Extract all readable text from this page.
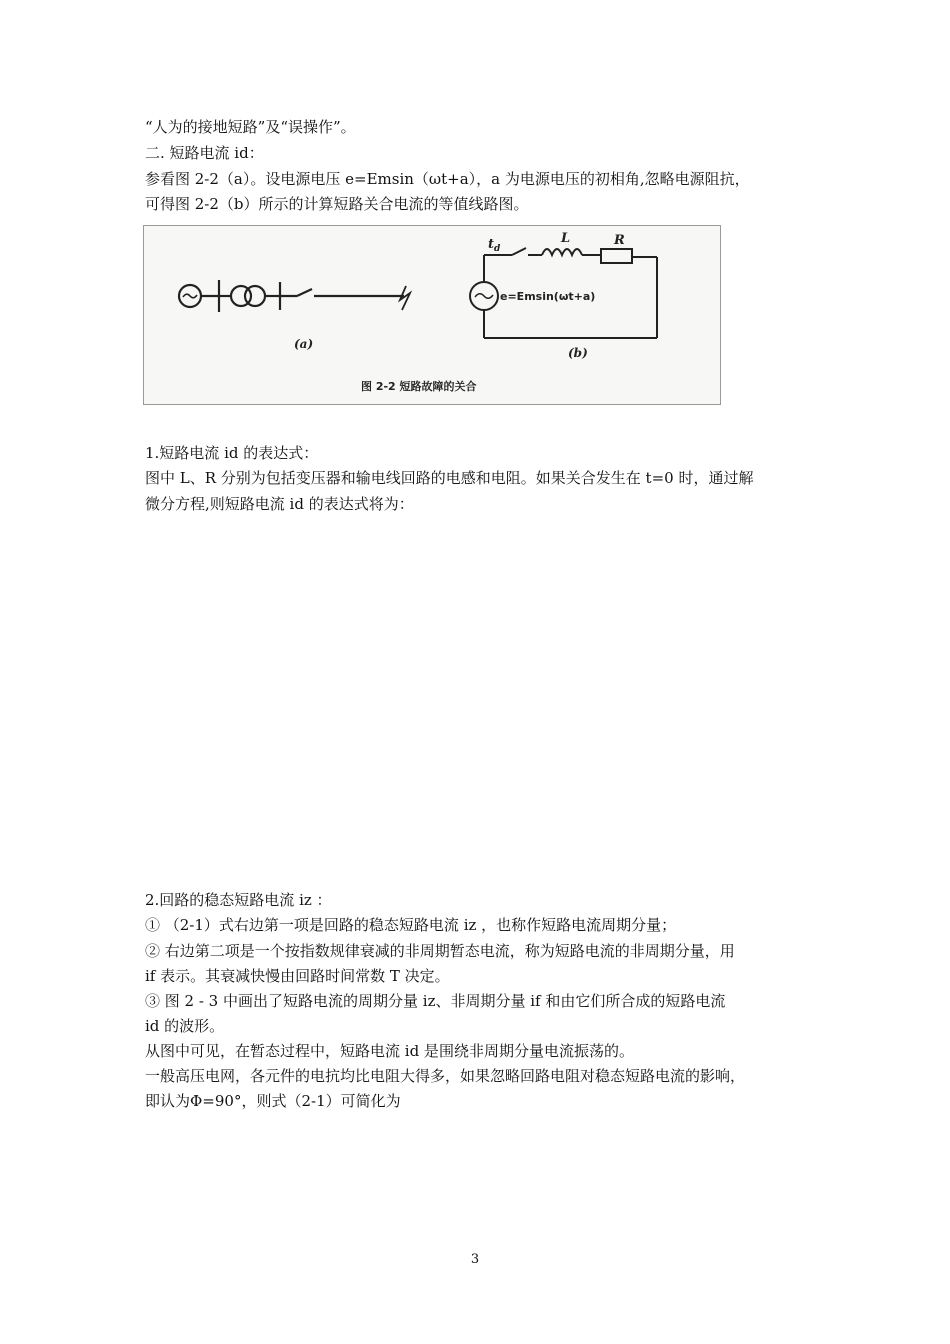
“人为的接地短路”及“误操作”。
二. 短路电流 id：
参看图 2-2（a）。设电源电压 e=Emsin（ωt+a），a 为电源电压的初相角,忽略电源阻抗，
可得图 2-2（b）所示的计算短路关合电流的等值线路图。
(a)
$t_d$
L	R
e=Emsin(ωt+a)
(b)
图 2-2 短路故障的关合
1.短路电流 id 的表达式：
图中 L、R 分别为包括变压器和输电线回路的电感和电阻。如果关合发生在 t=0 时，通过解
微分方程,则短路电流 id 的表达式将为：
2.回路的稳态短路电流 iz ：
① （2-1）式右边第一项是回路的稳态短路电流 iz ，也称作短路电流周期分量；
② 右边第二项是一个按指数规律衰减的非周期暂态电流，称为短路电流的非周期分量，用
if 表示。其衰减快慢由回路时间常数 T 决定。
③ 图 2 - 3 中画出了短路电流的周期分量 iz、非周期分量 if 和由它们所合成的短路电流
id 的波形。
从图中可见，在暂态过程中，短路电流 id 是围绕非周期分量电流振荡的。
一般高压电网，各元件的电抗均比电阻大得多，如果忽略回路电阻对稳态短路电流的影响，
即认为Φ=90°，则式（2-1）可简化为
3
